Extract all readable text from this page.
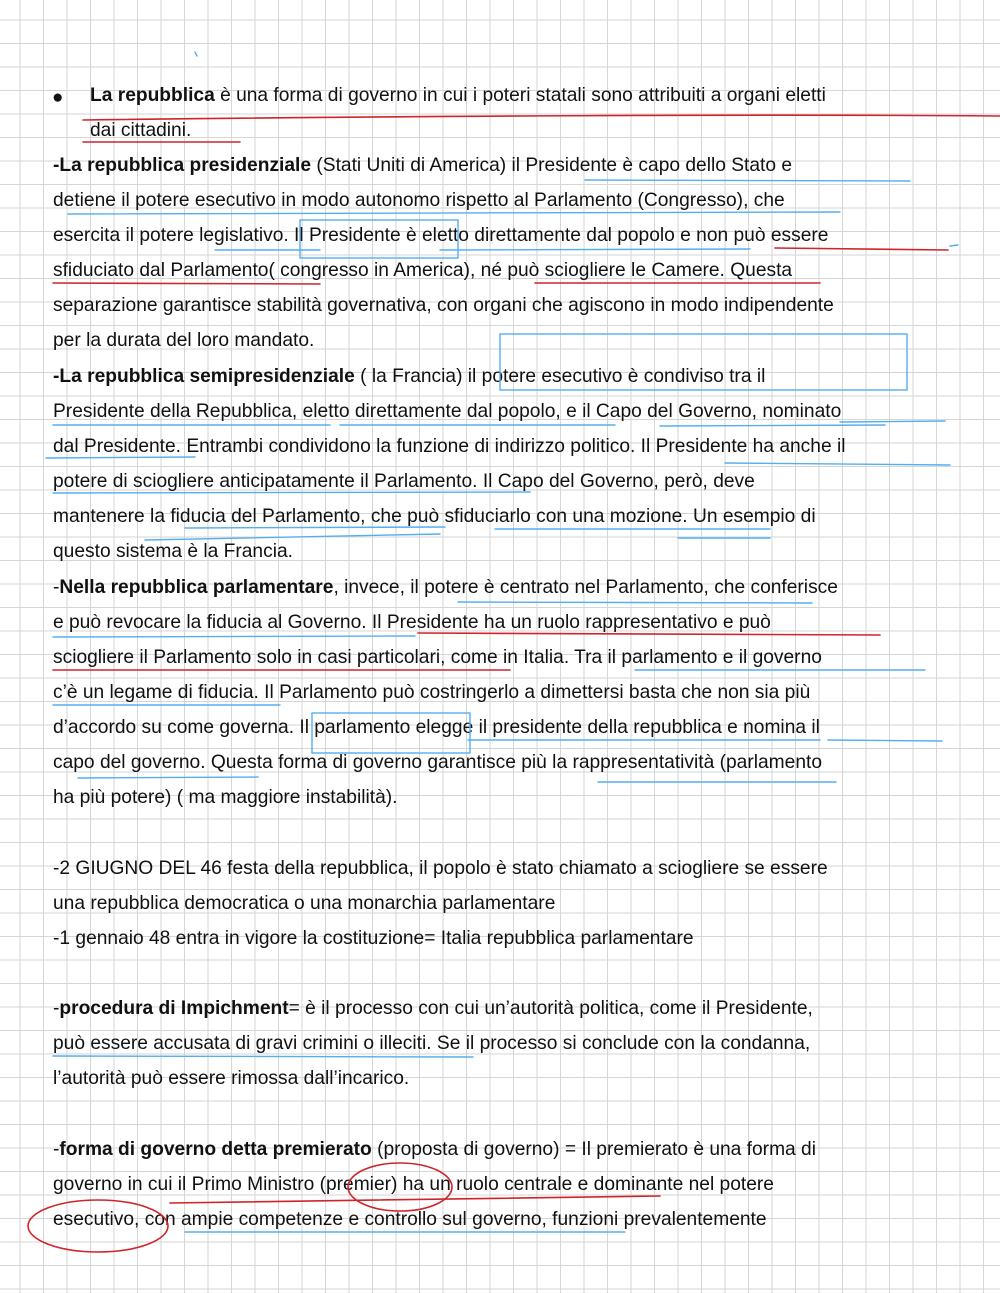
● La repubblica è una forma di governo in cui i poteri statali sono attribuiti a organi eletti

dai cittadini.

-La repubblica presidenziale (Stati Uniti di America) il Presidente è capo dello Stato e

detiene il potere esecutivo in modo autonomo rispetto al Parlamento (Congresso), che

esercita il potere legislativo. Il Presidente è eletto direttamente dal popolo e non può essere

sfiduciato dal Parlamento( congresso in America), né può sciogliere le Camere. Questa

separazione garantisce stabilità governativa, con organi che agiscono in modo indipendente

per la durata del loro mandato.

-La repubblica semipresidenziale ( la Francia) il potere esecutivo è condiviso tra il

Presidente della Repubblica, eletto direttamente dal popolo, e il Capo del Governo, nominato

dal Presidente. Entrambi condividono la funzione di indirizzo politico. Il Presidente ha anche il

potere di sciogliere anticipatamente il Parlamento. Il Capo del Governo, però, deve

mantenere la fiducia del Parlamento, che può sfiduciarlo con una mozione. Un esempio di

questo sistema è la Francia.

-Nella repubblica parlamentare, invece, il potere è centrato nel Parlamento, che conferisce

e può revocare la fiducia al Governo. Il Presidente ha un ruolo rappresentativo e può

sciogliere il Parlamento solo in casi particolari, come in Italia. Tra il parlamento e il governo

c’è un legame di fiducia. Il Parlamento può costringerlo a dimettersi basta che non sia più

d’accordo su come governa. Il parlamento elegge il presidente della repubblica e nomina il

capo del governo. Questa forma di governo garantisce più la rappresentatività (parlamento

ha più potere) ( ma maggiore instabilità).

-2 GIUGNO DEL 46 festa della repubblica, il popolo è stato chiamato a sciogliere se essere

una repubblica democratica o una monarchia parlamentare

-1 gennaio 48 entra in vigore la costituzione= Italia repubblica parlamentare

-procedura di Impichment= è il processo con cui un’autorità politica, come il Presidente,

può essere accusata di gravi crimini o illeciti. Se il processo si conclude con la condanna,

l’autorità può essere rimossa dall’incarico.

-forma di governo detta premierato (proposta di governo) = Il premierato è una forma di

governo in cui il Primo Ministro (premier) ha un ruolo centrale e dominante nel potere

esecutivo, con ampie competenze e controllo sul governo, funzioni prevalentemente
